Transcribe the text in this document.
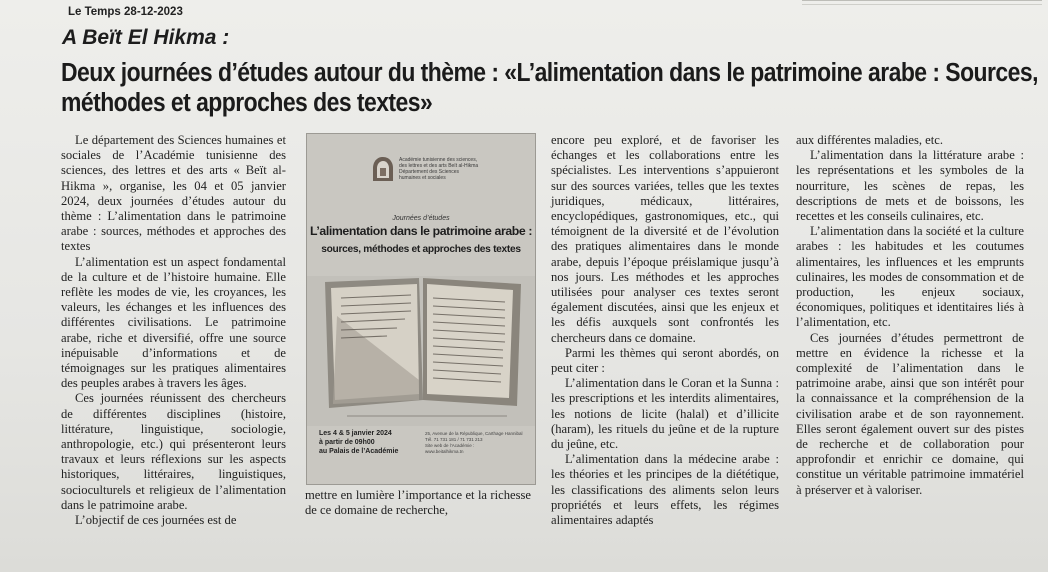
Le Temps 28-12-2023
A Beït El Hikma :
Deux journées d’études autour du thème : «L’alimentation dans le patrimoine arabe : Sources, méthodes et approches des textes»

Le département des Sciences humaines et sociales de l’Académie tunisienne des sciences, des lettres et des arts « Beït al-Hikma », organise, les 04 et 05 janvier 2024, deux journées d’études autour du thème : L’alimentation dans le patrimoine arabe : sources, méthodes et approches des textes

L’alimentation est un aspect fondamental de la culture et de l’histoire humaine. Elle reflète les modes de vie, les croyances, les valeurs, les échanges et les influences des différentes civilisations. Le patrimoine arabe, riche et diversifié, offre une source inépuisable d’informations et de témoignages sur les pratiques alimentaires des peuples arabes à travers les âges.

Ces journées réunissent des chercheurs de différentes disciplines (histoire, littérature, linguistique, sociologie, anthropologie, etc.) qui présenteront leurs travaux et leurs réflexions sur les aspects historiques, littéraires, linguistiques, socioculturels et religieux de l’alimentation dans le patrimoine arabe.

L’objectif de ces journées est de

Académie tunisienne des sciences,
des lettres et des arts Beït al-Hikma
Département des Sciences
humaines et sociales
Journées d’études
L’alimentation dans le patrimoine arabe :
sources, méthodes et approches des textes
Les 4 & 5 janvier 2024
à partir de 09h00
au Palais de l’Académie
25, Avenue de la République, Carthage Hannibal
Tél. 71 731 181 / 71 731 213
Site web de l’Académie :
www.beitalhikma.tn

mettre en lumière l’importance et la richesse de ce domaine de recherche,

encore peu exploré, et de favoriser les échanges et les collaborations entre les spécialistes. Les interventions s’appuieront sur des sources variées, telles que les textes juridiques, médicaux, littéraires, encyclopédiques, gastronomiques, etc., qui témoignent de la diversité et de l’évolution des pratiques alimentaires dans le monde arabe, depuis l’époque préislamique jusqu’à nos jours. Les méthodes et les approches utilisées pour analyser ces textes seront également discutées, ainsi que les enjeux et les défis auxquels sont confrontés les chercheurs dans ce domaine.

Parmi les thèmes qui seront abordés, on peut citer :

L’alimentation dans le Coran et la Sunna : les prescriptions et les interdits alimentaires, les notions de licite (halal) et d’illicite (haram), les rituels du jeûne et de la rupture du jeûne, etc.

L’alimentation dans la médecine arabe : les théories et les principes de la diététique, les classifications des aliments selon leurs propriétés et leurs effets, les régimes alimentaires adaptés

aux différentes maladies, etc.

L’alimentation dans la littérature arabe : les représentations et les symboles de la nourriture, les scènes de repas, les descriptions de mets et de boissons, les recettes et les conseils culinaires, etc.

L’alimentation dans la société et la culture arabes : les habitudes et les coutumes alimentaires, les influences et les emprunts culinaires, les modes de consommation et de production, les enjeux sociaux, économiques, politiques et identitaires liés à l’alimentation, etc.

Ces journées d’études permettront de mettre en évidence la richesse et la complexité de l’alimentation dans le patrimoine arabe, ainsi que son intérêt pour la connaissance et la compréhension de la civilisation arabe et de son rayonnement. Elles seront également ouvert sur des pistes de recherche et de collaboration pour approfondir et enrichir ce domaine, qui constitue un véritable patrimoine immatériel à préserver et à valoriser.
